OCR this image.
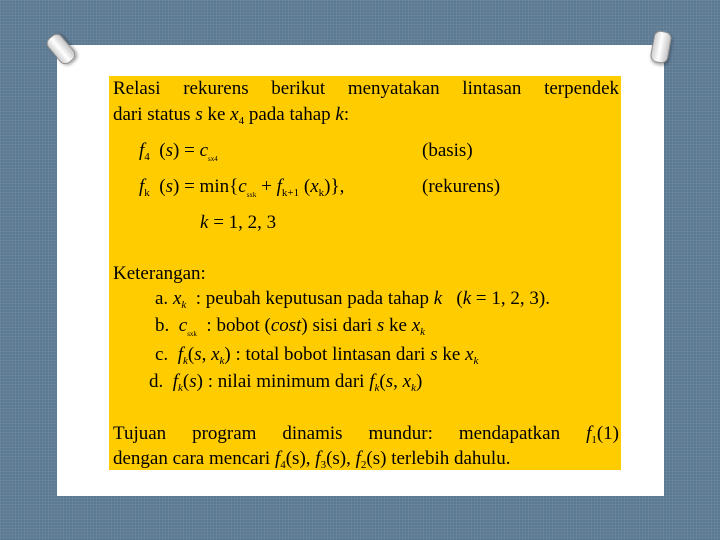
Relasi rekurens berikut menyatakan lintasan terpendek
dari status s ke $x_4$ pada tahap k:
$f_4$  $(s) = c_{sx4}$	(basis)
$f_k$  $(s) = \min\{c_{sxk} + f_{k+1}$ $(x_k)$},	(rekurens)
k = 1, 2, 3
Keterangan:
a. $x_k$  : peubah keputusan pada tahap k   (k = 1, 2, 3).
b.  $c_{sxk}$  : bobot (cost) sisi dari s ke $x_k$
c.  $f_k(s$, $x_k$) : total bobot lintasan dari s ke $x_k$
d.  $f_k(s)$ : nilai minimum dari $f_k(s$, $x_k$)
Tujuan program dinamis mundur: mendapatkan $f_1(1)$
dengan cara mencari $f_4(s)$, $f_3(s)$, $f_2(s)$ terlebih dahulu.
